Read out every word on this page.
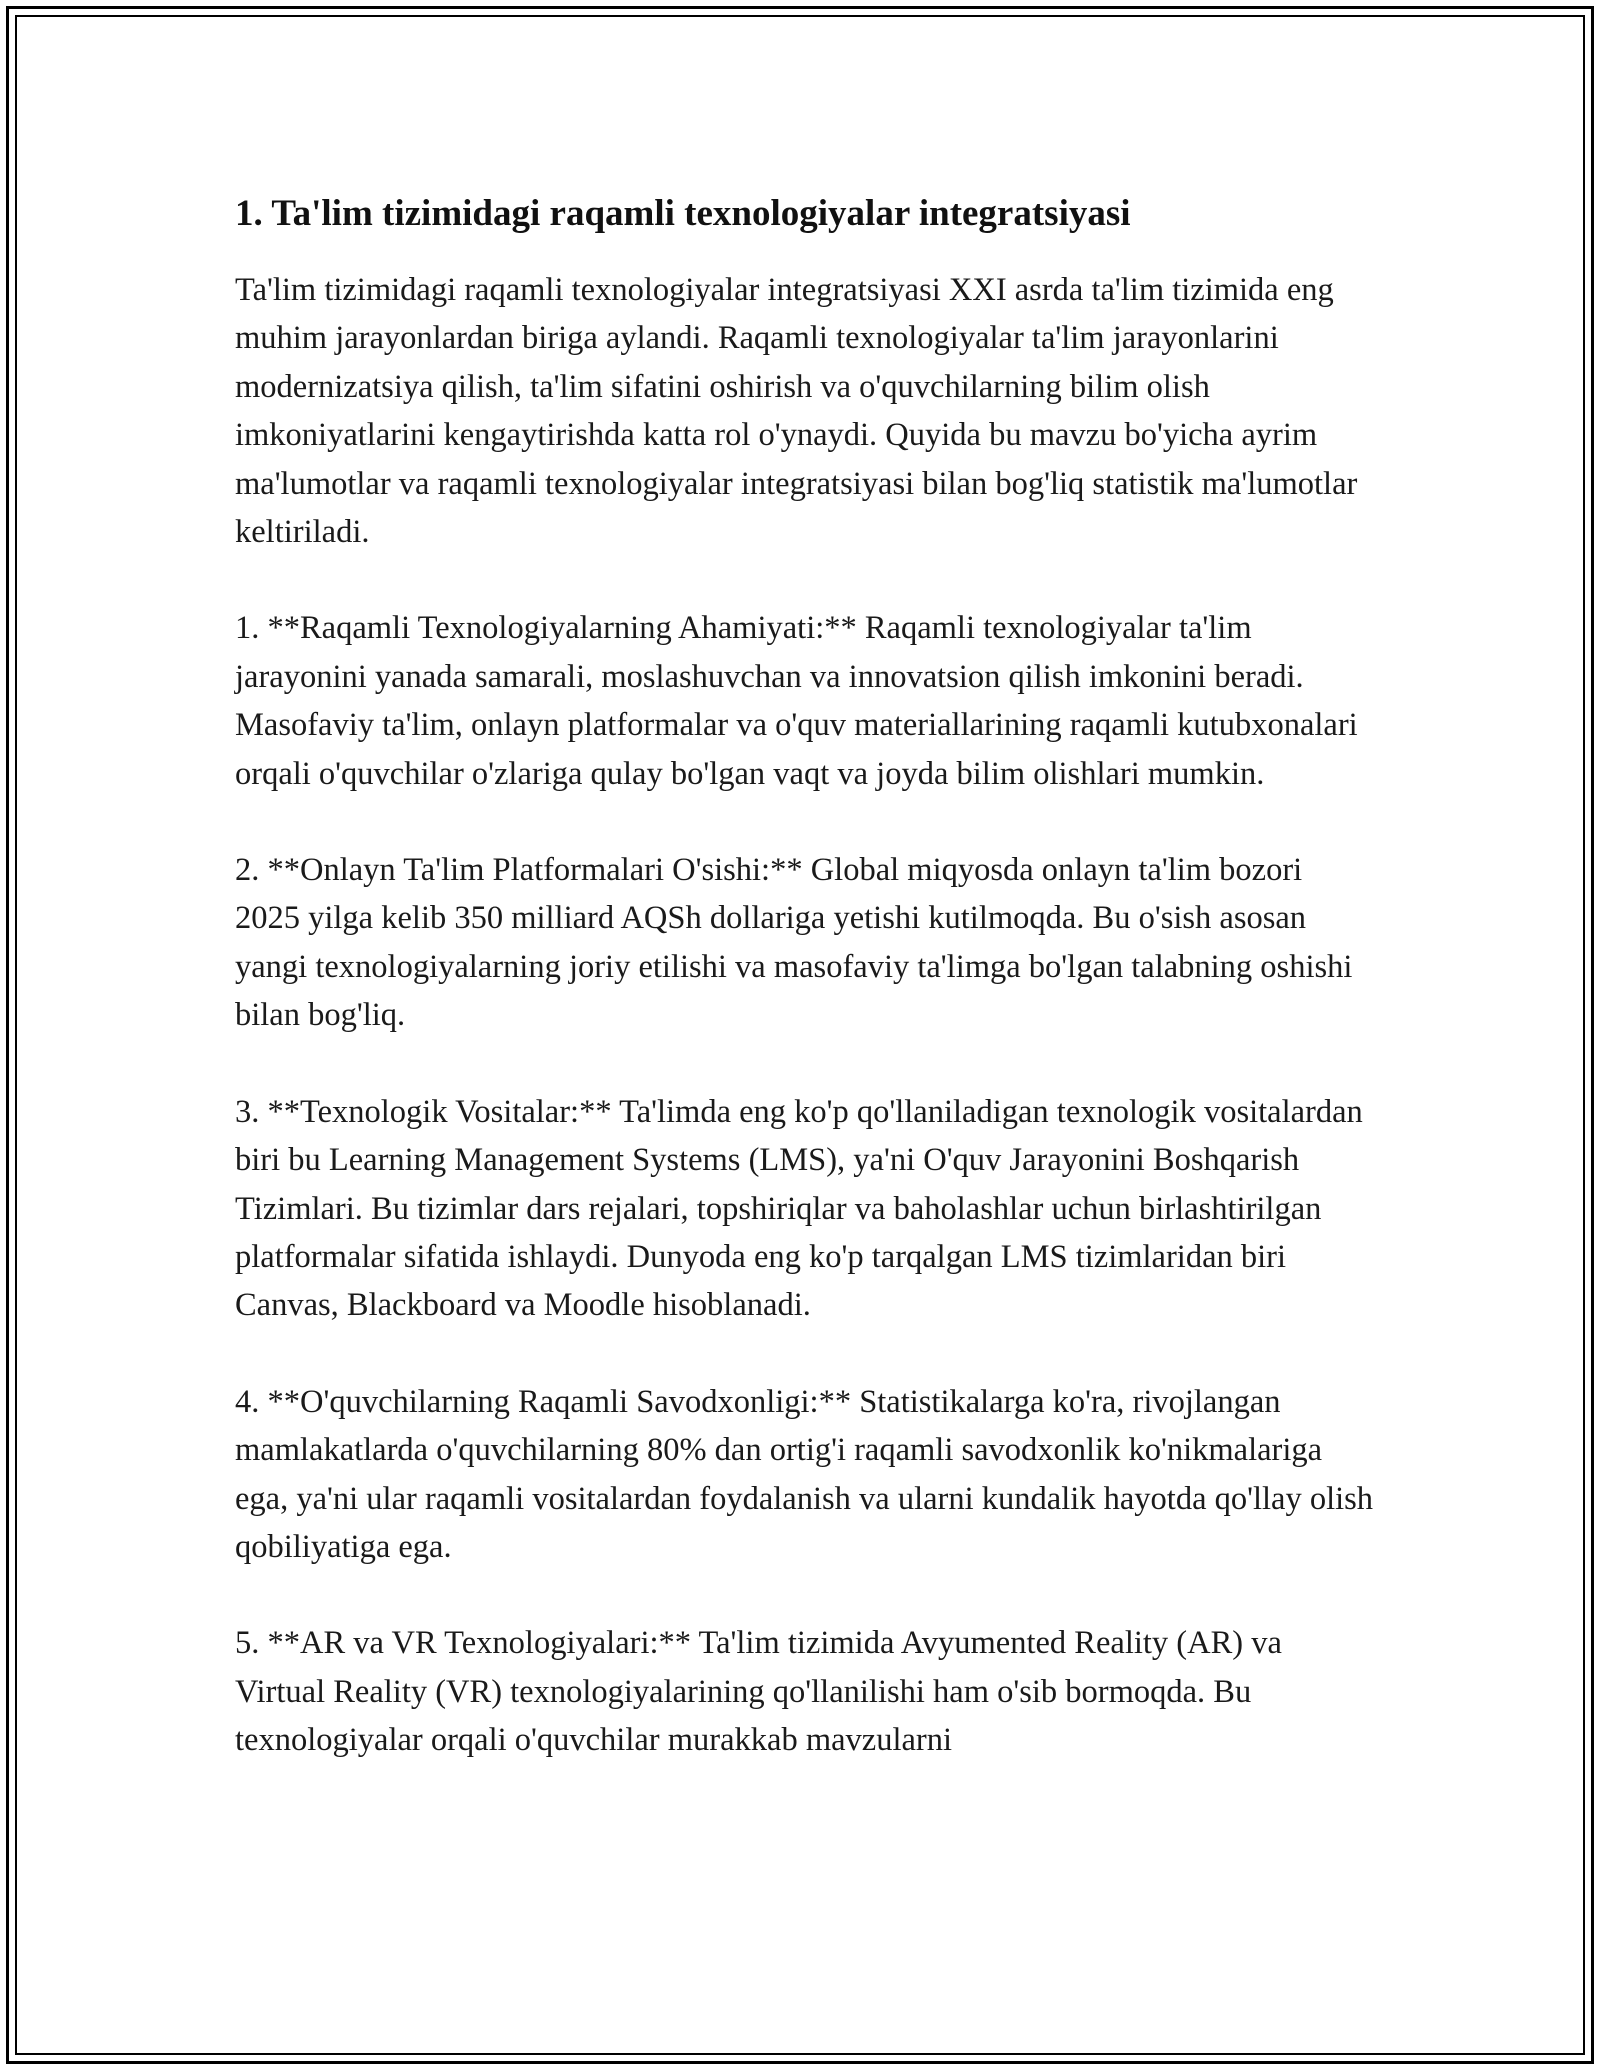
1. Ta'lim tizimidagi raqamli texnologiyalar integratsiyasi

Ta'lim tizimidagi raqamli texnologiyalar integratsiyasi XXI asrda ta'lim tizimida eng muhim jarayonlardan biriga aylandi. Raqamli texnologiyalar ta'lim jarayonlarini modernizatsiya qilish, ta'lim sifatini oshirish va o'quvchilarning bilim olish imkoniyatlarini kengaytirishda katta rol o'ynaydi. Quyida bu mavzu bo'yicha ayrim ma'lumotlar va raqamli texnologiyalar integratsiyasi bilan bog'liq statistik ma'lumotlar keltiriladi.

1. **Raqamli Texnologiyalarning Ahamiyati:** Raqamli texnologiyalar ta'lim jarayonini yanada samarali, moslashuvchan va innovatsion qilish imkonini beradi. Masofaviy ta'lim, onlayn platformalar va o'quv materiallarining raqamli kutubxonalari orqali o'quvchilar o'zlariga qulay bo'lgan vaqt va joyda bilim olishlari mumkin.

2. **Onlayn Ta'lim Platformalari O'sishi:** Global miqyosda onlayn ta'lim bozori 2025 yilga kelib 350 milliard AQSh dollariga yetishi kutilmoqda. Bu o'sish asosan yangi texnologiyalarning joriy etilishi va masofaviy ta'limga bo'lgan talabning oshishi bilan bog'liq.

3. **Texnologik Vositalar:** Ta'limda eng ko'p qo'llaniladigan texnologik vositalardan biri bu Learning Management Systems (LMS), ya'ni O'quv Jarayonini Boshqarish Tizimlari. Bu tizimlar dars rejalari, topshiriqlar va baholashlar uchun birlashtirilgan platformalar sifatida ishlaydi. Dunyoda eng ko'p tarqalgan LMS tizimlaridan biri Canvas, Blackboard va Moodle hisoblanadi.

4. **O'quvchilarning Raqamli Savodxonligi:** Statistikalarga ko'ra, rivojlangan mamlakatlarda o'quvchilarning 80% dan ortig'i raqamli savodxonlik ko'nikmalariga ega, ya'ni ular raqamli vositalardan foydalanish va ularni kundalik hayotda qo'llay olish qobiliyatiga ega.

5. **AR va VR Texnologiyalari:** Ta'lim tizimida Avyumented Reality (AR) va Virtual Reality (VR) texnologiyalarining qo'llanilishi ham o'sib bormoqda. Bu texnologiyalar orqali o'quvchilar murakkab mavzularni
